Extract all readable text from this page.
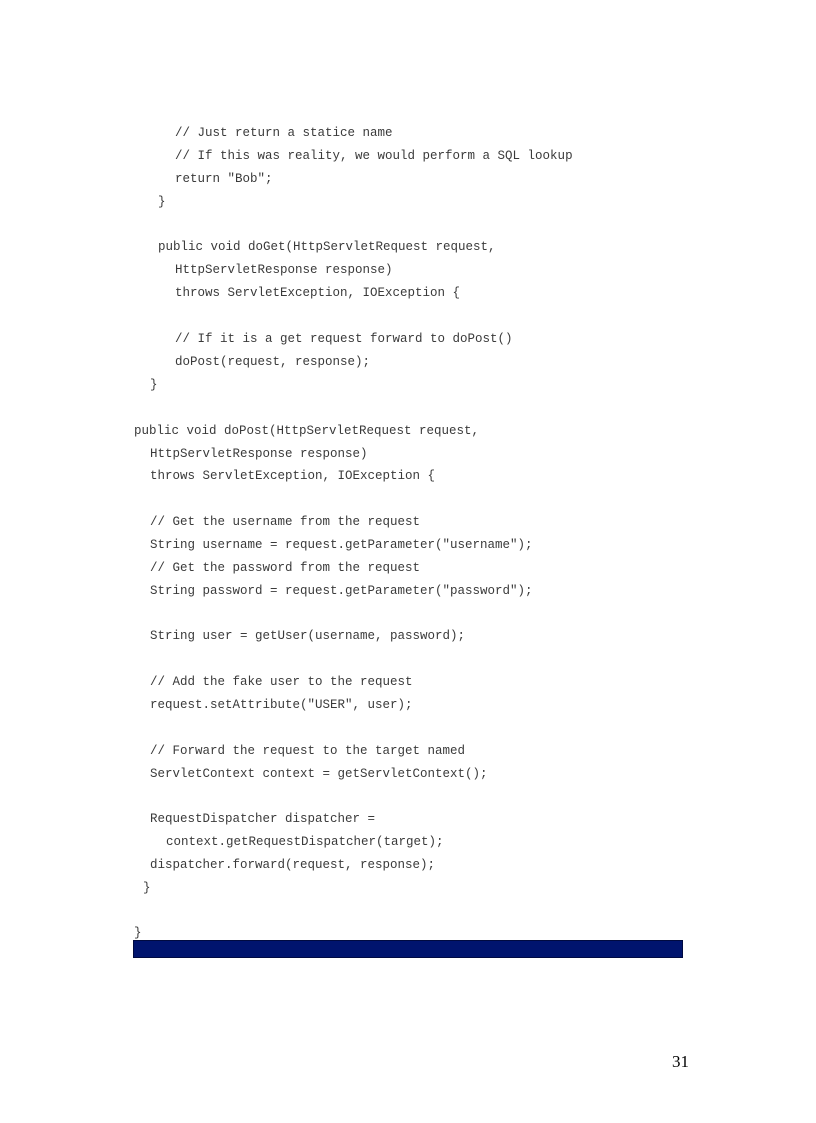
// Just return a statice name
// If this was reality, we would perform a SQL lookup
return "Bob";
}
public void doGet(HttpServletRequest request,
HttpServletResponse response)
throws ServletException, IOException {
// If it is a get request forward to doPost()
doPost(request, response);
}
public void doPost(HttpServletRequest request,
HttpServletResponse response)
throws ServletException, IOException {
// Get the username from the request
String username = request.getParameter("username");
// Get the password from the request
String password = request.getParameter("password");
String user = getUser(username, password);
// Add the fake user to the request
request.setAttribute("USER", user);
// Forward the request to the target named
ServletContext context = getServletContext();
RequestDispatcher dispatcher =
context.getRequestDispatcher(target);
dispatcher.forward(request, response);
}
}
31
